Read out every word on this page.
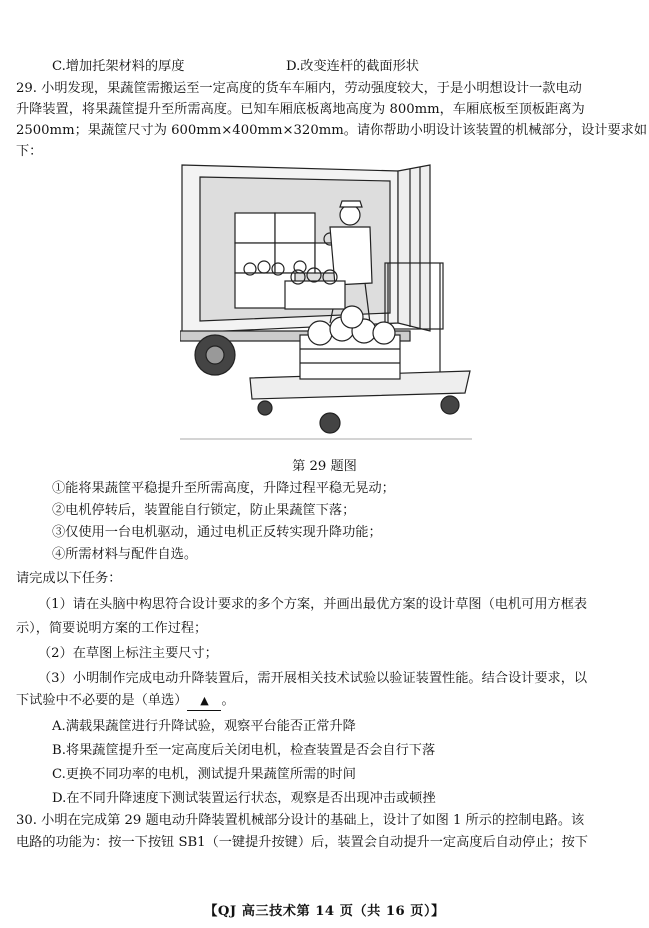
C.增加托架材料的厚度	D.改变连杆的截面形状
29. 小明发现，果蔬筐需搬运至一定高度的货车车厢内，劳动强度较大，于是小明想设计一款电动
升降装置，将果蔬筐提升至所需高度。已知车厢底板离地高度为 800mm，车厢底板至顶板距离为
2500mm；果蔬筐尺寸为 600mm×400mm×320mm。请你帮助小明设计该装置的机械部分，设计要求如
下：
第 29 题图
①能将果蔬筐平稳提升至所需高度，升降过程平稳无晃动；
②电机停转后，装置能自行锁定，防止果蔬筐下落；
③仅使用一台电机驱动，通过电机正反转实现升降功能；
④所需材料与配件自选。
请完成以下任务：
（1）请在头脑中构思符合设计要求的多个方案，并画出最优方案的设计草图（电机可用方框表
示），简要说明方案的工作过程；
（2）在草图上标注主要尺寸；
（3）小明制作完成电动升降装置后，需开展相关技术试验以验证装置性能。结合设计要求，以
下试验中不必要的是（单选） ▲ 。
A.满载果蔬筐进行升降试验，观察平台能否正常升降
B.将果蔬筐提升至一定高度后关闭电机，检查装置是否会自行下落
C.更换不同功率的电机，测试提升果蔬筐所需的时间
D.在不同升降速度下测试装置运行状态，观察是否出现冲击或顿挫
30. 小明在完成第 29 题电动升降装置机械部分设计的基础上，设计了如图 1 所示的控制电路。该
电路的功能为：按一下按钮 SB1（一键提升按键）后，装置会自动提升一定高度后自动停止；按下
【QJ 高三技术第 14 页（共 16 页）】
